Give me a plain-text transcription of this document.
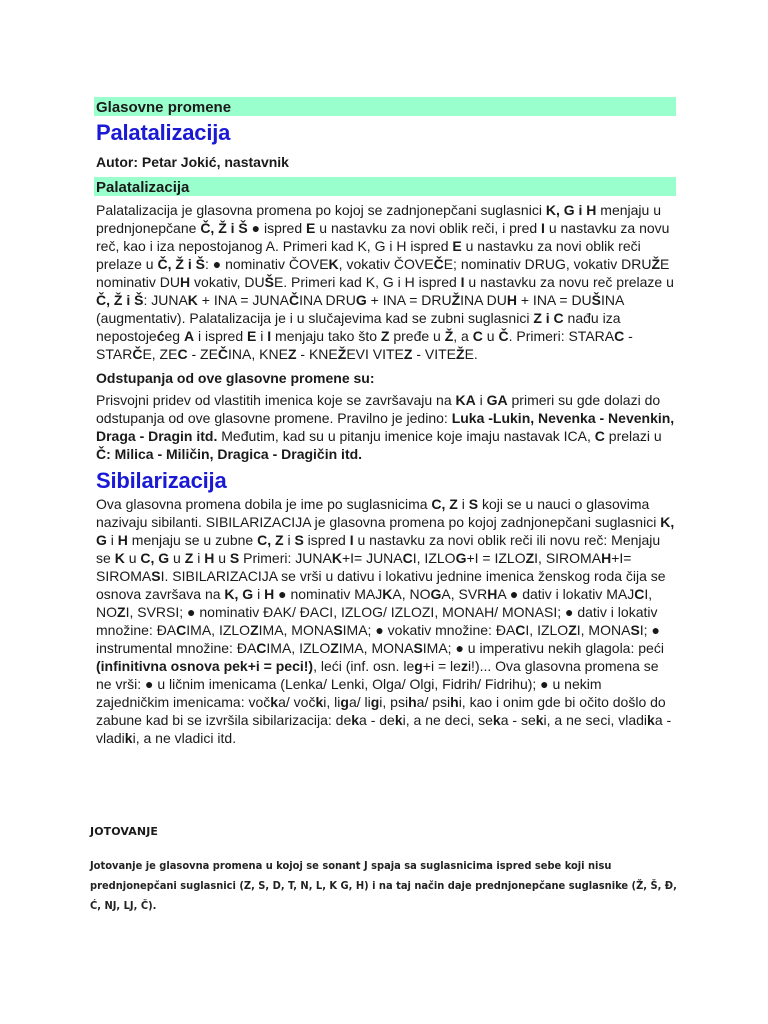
Glasovne promene
Palatalizacija
Autor: Petar Jokić, nastavnik
Palatalizacija
Palatalizacija je glasovna promena po kojoj se zadnjonepčani suglasnici K, G i H menjaju u prednjonepčane Č, Ž i Š ● ispred E u nastavku za novi oblik reči, i pred I u nastavku za novu reč, kao i iza nepostojanog A. Primeri kad K, G i H ispred E u nastavku za novi oblik reči prelaze u Č, Ž i Š: ● nominativ ČOVEK, vokativ ČOVEČE; nominativ DRUG, vokativ DRUŽE nominativ DUH vokativ, DUŠE. Primeri kad K, G i H ispred I u nastavku za novu reč prelaze u Č, Ž i Š: JUNAK + INA = JUNAČINA DRUG + INA = DRUŽINA DUH + INA = DUŠINA (augmentativ). Palatalizacija je i u slučajevima kad se zubni suglasnici Z i C nađu iza nepostojećeg A i ispred E i I menjaju tako što Z pređe u Ž, a C u Č. Primeri: STARAC - STARČE, ZEC - ZEČINA, KNEZ - KNEŽEVI VITEZ - VITEŽE.
Odstupanja od ove glasovne promene su:
Prisvojni pridev od vlastitih imenica koje se završavaju na KA i GA primeri su gde dolazi do odstupanja od ove glasovne promene. Pravilno je jedino: Luka -Lukin, Nevenka - Nevenkin, Draga - Dragin itd. Međutim, kad su u pitanju imenice koje imaju nastavak ICA, C prelazi u Č: Milica - Miličin, Dragica - Dragičin itd.
Sibilarizacija
Ova glasovna promena dobila je ime po suglasnicima C, Z i S koji se u nauci o glasovima nazivaju sibilanti. SIBILARIZACIJA je glasovna promena po kojoj zadnjonepčani suglasnici K, G i H menjaju se u zubne C, Z i S ispred I u nastavku za novi oblik reči ili novu reč: Menjaju se K u C, G u Z i H u S Primeri: JUNAK+I= JUNACI, IZLOG+I = IZLOZI, SIROMAH+I= SIROMASI. SIBILARIZACIJA se vrši u dativu i lokativu jednine imenica ženskog roda čija se osnova završava na K, G i H ● nominativ MAJKA, NOGA, SVRHA ● dativ i lokativ MAJCI, NOZI, SVRSI; ● nominativ ĐAK/ ĐACI, IZLOG/ IZLOZI, MONAH/ MONASI; ● dativ i lokativ množine: ĐACIMA, IZLOZIMA, MONASIMA; ● vokativ množine: ĐACI, IZLOZI, MONASI; ● instrumental množine: ĐACIMA, IZLOZIMA, MONASIMA; ● u imperativu nekih glagola: peći (infinitivna osnova pek+i = peci!), leći (inf. osn. leg+i = lezi!)... Ova glasovna promena se ne vrši: ● u ličnim imenicama (Lenka/ Lenki, Olga/ Olgi, Fidrih/ Fidrihu); ● u nekim zajedničkim imenicama: vočka/ vočki, liga/ ligi, psiha/ psihi, kao i onim gde bi očito došlo do zabune kad bi se izvršila sibilarizacija: deka - deki, a ne deci, seka - seki, a ne seci, vladika - vladiki, a ne vladici itd.
JOTOVANJE
Jotovanje je glasovna promena u kojoj se sonant J spaja sa suglasnicima ispred sebe koji nisu prednjonepčani suglasnici (Z, S, D, T, N, L, K G, H) i na taj način daje prednjonepčane suglasnike (Ž, Š, Đ, Ć, NJ, LJ, Č).
